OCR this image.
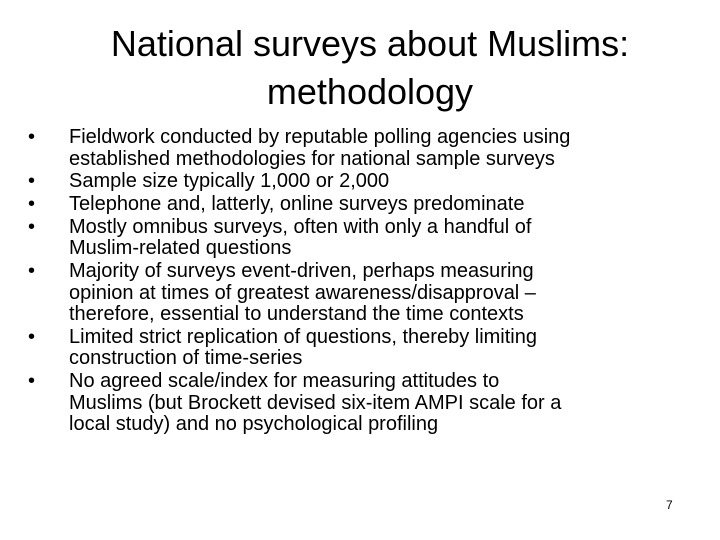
National surveys about Muslims:
methodology
•	Fieldwork conducted by reputable polling agencies using
established methodologies for national sample surveys
•	Sample size typically 1,000 or 2,000
•	Telephone and, latterly, online surveys predominate
•	Mostly omnibus surveys, often with only a handful of
Muslim-related questions
•	Majority of surveys event-driven, perhaps measuring
opinion at times of greatest awareness/disapproval –
therefore, essential to understand the time contexts
•	Limited strict replication of questions, thereby limiting
construction of time-series
•	No agreed scale/index for measuring attitudes to
Muslims (but Brockett devised six-item AMPI scale for a
local study) and no psychological profiling
7
